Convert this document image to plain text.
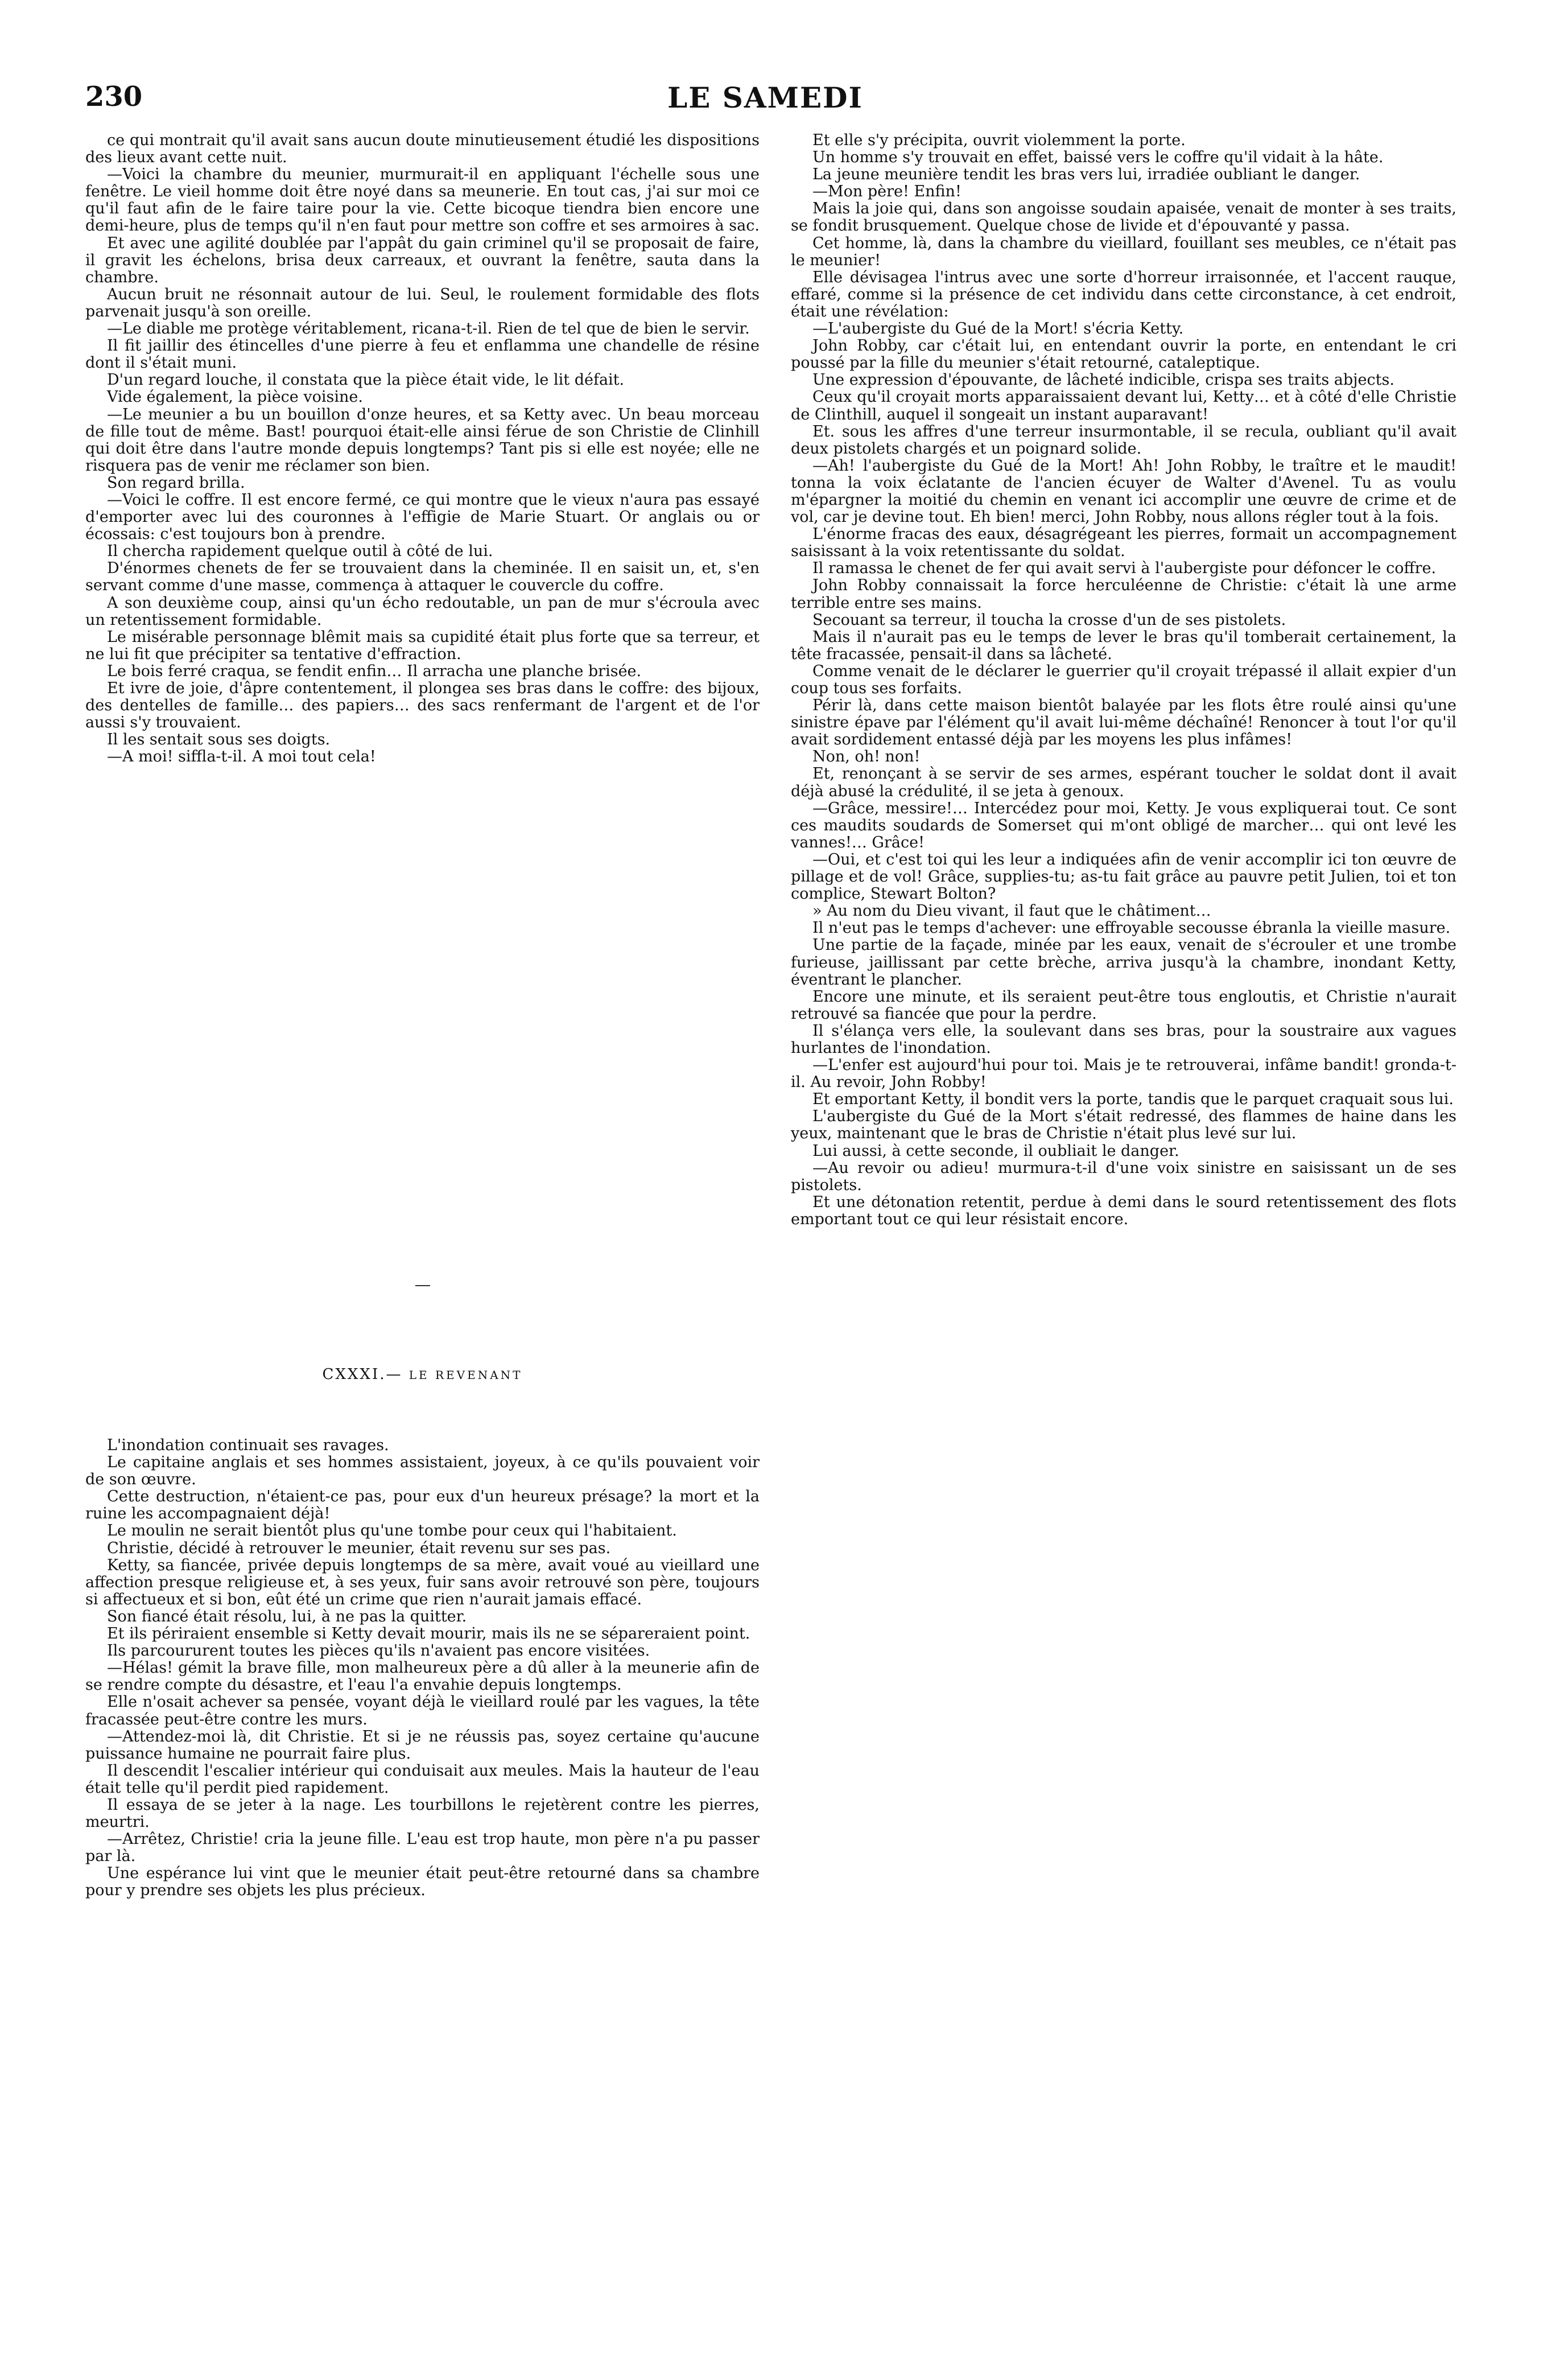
230	LE SAMEDI

ce qui montrait qu'il avait sans aucun doute minutieusement étudié les dispositions des lieux avant cette nuit.

—Voici la chambre du meunier, murmurait-il en appliquant l'échelle sous une fenêtre. Le vieil homme doit être noyé dans sa meunerie. En tout cas, j'ai sur moi ce qu'il faut afin de le faire taire pour la vie. Cette bicoque tiendra bien encore une demi-heure, plus de temps qu'il n'en faut pour mettre son coffre et ses armoires à sac.

Et avec une agilité doublée par l'appât du gain criminel qu'il se proposait de faire, il gravit les échelons, brisa deux carreaux, et ouvrant la fenêtre, sauta dans la chambre.

Aucun bruit ne résonnait autour de lui. Seul, le roulement formidable des flots parvenait jusqu'à son oreille.

—Le diable me protège véritablement, ricana-t-il. Rien de tel que de bien le servir.

Il fit jaillir des étincelles d'une pierre à feu et enflamma une chandelle de résine dont il s'était muni.

D'un regard louche, il constata que la pièce était vide, le lit défait.

Vide également, la pièce voisine.

—Le meunier a bu un bouillon d'onze heures, et sa Ketty avec. Un beau morceau de fille tout de même. Bast! pourquoi était-elle ainsi férue de son Christie de Clinhill qui doit être dans l'autre monde depuis longtemps? Tant pis si elle est noyée; elle ne risquera pas de venir me réclamer son bien.

Son regard brilla.

—Voici le coffre. Il est encore fermé, ce qui montre que le vieux n'aura pas essayé d'emporter avec lui des couronnes à l'effigie de Marie Stuart. Or anglais ou or écossais: c'est toujours bon à prendre.

Il chercha rapidement quelque outil à côté de lui.

D'énormes chenets de fer se trouvaient dans la cheminée. Il en saisit un, et, s'en servant comme d'une masse, commença à attaquer le couvercle du coffre.

A son deuxième coup, ainsi qu'un écho redoutable, un pan de mur s'écroula avec un retentissement formidable.

Le misérable personnage blêmit mais sa cupidité était plus forte que sa terreur, et ne lui fit que précipiter sa tentative d'effraction.

Le bois ferré craqua, se fendit enfin… Il arracha une planche brisée.

Et ivre de joie, d'âpre contentement, il plongea ses bras dans le coffre: des bijoux, des dentelles de famille… des papiers… des sacs renfermant de l'argent et de l'or aussi s'y trouvaient.

Il les sentait sous ses doigts.

—A moi! siffla-t-il. A moi tout cela!

CXXXI.— LE REVENANT

L'inondation continuait ses ravages.

Le capitaine anglais et ses hommes assistaient, joyeux, à ce qu'ils pouvaient voir de son œuvre.

Cette destruction, n'étaient-ce pas, pour eux d'un heureux présage? la mort et la ruine les accompagnaient déjà!

Le moulin ne serait bientôt plus qu'une tombe pour ceux qui l'habitaient.

Christie, décidé à retrouver le meunier, était revenu sur ses pas.

Ketty, sa fiancée, privée depuis longtemps de sa mère, avait voué au vieillard une affection presque religieuse et, à ses yeux, fuir sans avoir retrouvé son père, toujours si affectueux et si bon, eût été un crime que rien n'aurait jamais effacé.

Son fiancé était résolu, lui, à ne pas la quitter.

Et ils périraient ensemble si Ketty devait mourir, mais ils ne se sépareraient point.

Ils parcoururent toutes les pièces qu'ils n'avaient pas encore visitées.

—Hélas! gémit la brave fille, mon malheureux père a dû aller à la meunerie afin de se rendre compte du désastre, et l'eau l'a envahie depuis longtemps.

Elle n'osait achever sa pensée, voyant déjà le vieillard roulé par les vagues, la tête fracassée peut-être contre les murs.

—Attendez-moi là, dit Christie. Et si je ne réussis pas, soyez certaine qu'aucune puissance humaine ne pourrait faire plus.

Il descendit l'escalier intérieur qui conduisait aux meules. Mais la hauteur de l'eau était telle qu'il perdit pied rapidement.

Il essaya de se jeter à la nage. Les tourbillons le rejetèrent contre les pierres, meurtri.

—Arrêtez, Christie! cria la jeune fille. L'eau est trop haute, mon père n'a pu passer par là.

Une espérance lui vint que le meunier était peut-être retourné dans sa chambre pour y prendre ses objets les plus précieux.

Et elle s'y précipita, ouvrit violemment la porte.

Un homme s'y trouvait en effet, baissé vers le coffre qu'il vidait à la hâte.

La jeune meunière tendit les bras vers lui, irradiée oubliant le danger.

—Mon père! Enfin!

Mais la joie qui, dans son angoisse soudain apaisée, venait de monter à ses traits, se fondit brusquement. Quelque chose de livide et d'épouvanté y passa.

Cet homme, là, dans la chambre du vieillard, fouillant ses meubles, ce n'était pas le meunier!

Elle dévisagea l'intrus avec une sorte d'horreur irraisonnée, et l'accent rauque, effaré, comme si la présence de cet individu dans cette circonstance, à cet endroit, était une révélation:

—L'aubergiste du Gué de la Mort! s'écria Ketty.

John Robby, car c'était lui, en entendant ouvrir la porte, en entendant le cri poussé par la fille du meunier s'était retourné, cataleptique.

Une expression d'épouvante, de lâcheté indicible, crispa ses traits abjects.

Ceux qu'il croyait morts apparaissaient devant lui, Ketty… et à côté d'elle Christie de Clinthill, auquel il songeait un instant auparavant!

Et. sous les affres d'une terreur insurmontable, il se recula, oubliant qu'il avait deux pistolets chargés et un poignard solide.

—Ah! l'aubergiste du Gué de la Mort! Ah! John Robby, le traître et le maudit! tonna la voix éclatante de l'ancien écuyer de Walter d'Avenel. Tu as voulu m'épargner la moitié du chemin en venant ici accomplir une œuvre de crime et de vol, car je devine tout. Eh bien! merci, John Robby, nous allons régler tout à la fois.

L'énorme fracas des eaux, désagrégeant les pierres, formait un accompagnement saisissant à la voix retentissante du soldat.

Il ramassa le chenet de fer qui avait servi à l'aubergiste pour défoncer le coffre.

John Robby connaissait la force herculéenne de Christie: c'était là une arme terrible entre ses mains.

Secouant sa terreur, il toucha la crosse d'un de ses pistolets.

Mais il n'aurait pas eu le temps de lever le bras qu'il tomberait certainement, la tête fracassée, pensait-il dans sa lâcheté.

Comme venait de le déclarer le guerrier qu'il croyait trépassé il allait expier d'un coup tous ses forfaits.

Périr là, dans cette maison bientôt balayée par les flots être roulé ainsi qu'une sinistre épave par l'élément qu'il avait lui-même déchaîné! Renoncer à tout l'or qu'il avait sordidement entassé déjà par les moyens les plus infâmes!

Non, oh! non!

Et, renonçant à se servir de ses armes, espérant toucher le soldat dont il avait déjà abusé la crédulité, il se jeta à genoux.

—Grâce, messire!… Intercédez pour moi, Ketty. Je vous expliquerai tout. Ce sont ces maudits soudards de Somerset qui m'ont obligé de marcher… qui ont levé les vannes!… Grâce!

—Oui, et c'est toi qui les leur a indiquées afin de venir accomplir ici ton œuvre de pillage et de vol! Grâce, supplies-tu; as-tu fait grâce au pauvre petit Julien, toi et ton complice, Stewart Bolton?

» Au nom du Dieu vivant, il faut que le châtiment…

Il n'eut pas le temps d'achever: une effroyable secousse ébranla la vieille masure.

Une partie de la façade, minée par les eaux, venait de s'écrouler et une trombe furieuse, jaillissant par cette brèche, arriva jusqu'à la chambre, inondant Ketty, éventrant le plancher.

Encore une minute, et ils seraient peut-être tous engloutis, et Christie n'aurait retrouvé sa fiancée que pour la perdre.

Il s'élança vers elle, la soulevant dans ses bras, pour la soustraire aux vagues hurlantes de l'inondation.

—L'enfer est aujourd'hui pour toi. Mais je te retrouverai, infâme bandit! gronda-t-il. Au revoir, John Robby!

Et emportant Ketty, il bondit vers la porte, tandis que le parquet craquait sous lui.

L'aubergiste du Gué de la Mort s'était redressé, des flammes de haine dans les yeux, maintenant que le bras de Christie n'était plus levé sur lui.

Lui aussi, à cette seconde, il oubliait le danger.

—Au revoir ou adieu! murmura-t-il d'une voix sinistre en saisissant un de ses pistolets.

Et une détonation retentit, perdue à demi dans le sourd retentissement des flots emportant tout ce qui leur résistait encore.
